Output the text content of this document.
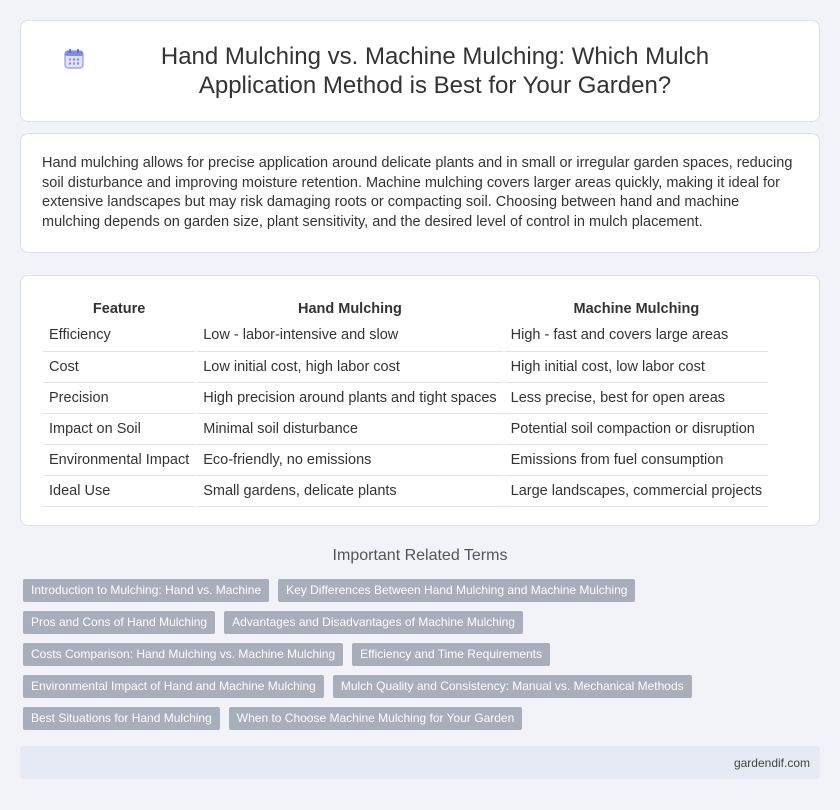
Hand Mulching vs. Machine Mulching: Which Mulch Application Method is Best for Your Garden?

Hand mulching allows for precise application around delicate plants and in small or irregular garden spaces, reducing soil disturbance and improving moisture retention. Machine mulching covers larger areas quickly, making it ideal for extensive landscapes but may risk damaging roots or compacting soil. Choosing between hand and machine mulching depends on garden size, plant sensitivity, and the desired level of control in mulch placement.

Feature	Hand Mulching	Machine Mulching
Efficiency	Low - labor-intensive and slow	High - fast and covers large areas
Cost	Low initial cost, high labor cost	High initial cost, low labor cost
Precision	High precision around plants and tight spaces	Less precise, best for open areas
Impact on Soil	Minimal soil disturbance	Potential soil compaction or disruption
Environmental Impact	Eco-friendly, no emissions	Emissions from fuel consumption
Ideal Use	Small gardens, delicate plants	Large landscapes, commercial projects
Important Related Terms
Introduction to Mulching: Hand vs. Machine	Key Differences Between Hand Mulching and Machine Mulching
Pros and Cons of Hand Mulching	Advantages and Disadvantages of Machine Mulching
Costs Comparison: Hand Mulching vs. Machine Mulching	Efficiency and Time Requirements
Environmental Impact of Hand and Machine Mulching	Mulch Quality and Consistency: Manual vs. Mechanical Methods
Best Situations for Hand Mulching	When to Choose Machine Mulching for Your Garden
gardendif.com
